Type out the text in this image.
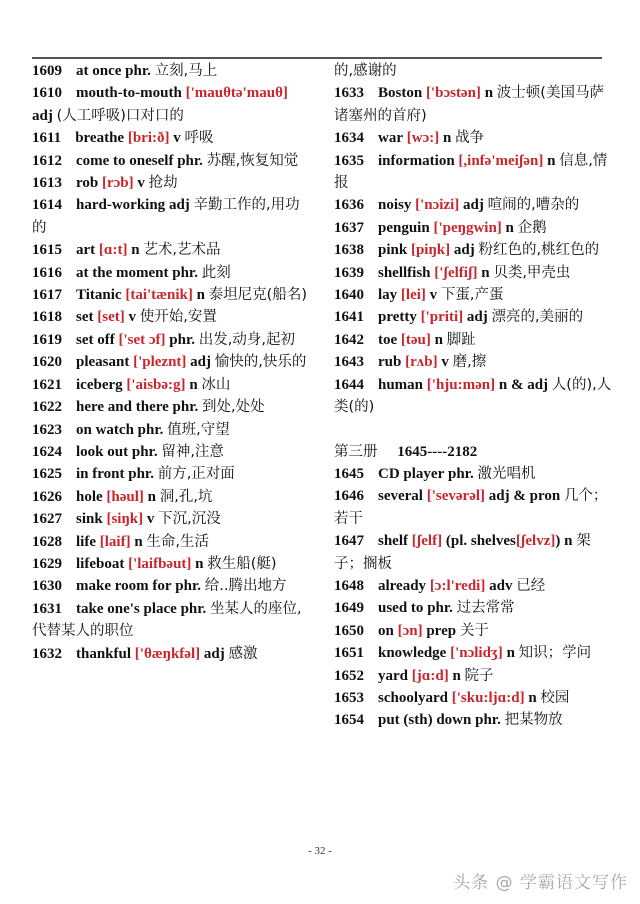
1609 at once phr. 立刻,马上
1610 mouth-to-mouth ['mauθtə'mauθ] adj (人工呼吸)口对口的
1611 breathe [bri:ð] v 呼吸
1612 come to oneself phr. 苏醒,恢复知觉
1613 rob [rɔb] v 抢劫
1614 hard-working adj 辛勤工作的,用功的
1615 art [ɑ:t] n 艺术,艺术品
1616 at the moment phr. 此刻
1617 Titanic [tai'tænik] n 泰坦尼克(船名)
1618 set [set] v 使开始,安置
1619 set off ['set ɔf] phr. 出发,动身,起初
1620 pleasant ['pleznt] adj 愉快的,快乐的
1621 iceberg ['aisbə:g] n 冰山
1622 here and there phr. 到处,处处
1623 on watch phr. 值班,守望
1624 look out phr. 留神,注意
1625 in front phr. 前方,正对面
1626 hole [həul] n 洞,孔,坑
1627 sink [siŋk] v 下沉,沉没
1628 life [laif] n 生命,生活
1629 lifeboat ['laifbəut] n 救生船(艇)
1630 make room for phr. 给..腾出地方
1631 take one's place phr. 坐某人的座位,代替某人的职位
1632 thankful ['θæŋkfəl] adj 感激
的,感谢的
1633 Boston ['bɔstən] n 波士顿(美国马萨诸塞州的首府)
1634 war [wɔ:] n 战争
1635 information [,infə'meiʃən] n 信息,情报
1636 noisy ['nɔizi] adj 喧闹的,嘈杂的
1637 penguin ['peŋgwin] n 企鹅
1638 pink [piŋk] adj 粉红色的,桃红色的
1639 shellfish ['ʃelfiʃ] n 贝类,甲壳虫
1640 lay [lei] v 下蛋,产蛋
1641 pretty ['priti] adj 漂亮的,美丽的
1642 toe [təu] n 脚趾
1643 rub [rʌb] v 磨,擦
1644 human ['hju:mən] n & adj 人(的),人类(的)
第三册 1645----2182
1645 CD player phr. 激光唱机
1646 several ['sevərəl] adj & pron 几个；若干
1647 shelf [ʃelf] (pl. shelves[ʃelvz]) n 架子；搁板
1648 already [ɔ:l'redi] adv 已经
1649 used to phr. 过去常常
1650 on [ɔn] prep 关于
1651 knowledge ['nɔlidʒ] n 知识；学问
1652 yard [jɑ:d] n 院子
1653 schoolyard ['sku:ljɑ:d] n 校园
1654 put (sth) down phr. 把某物放
- 32 -
头条 @ 学霸语文写作
